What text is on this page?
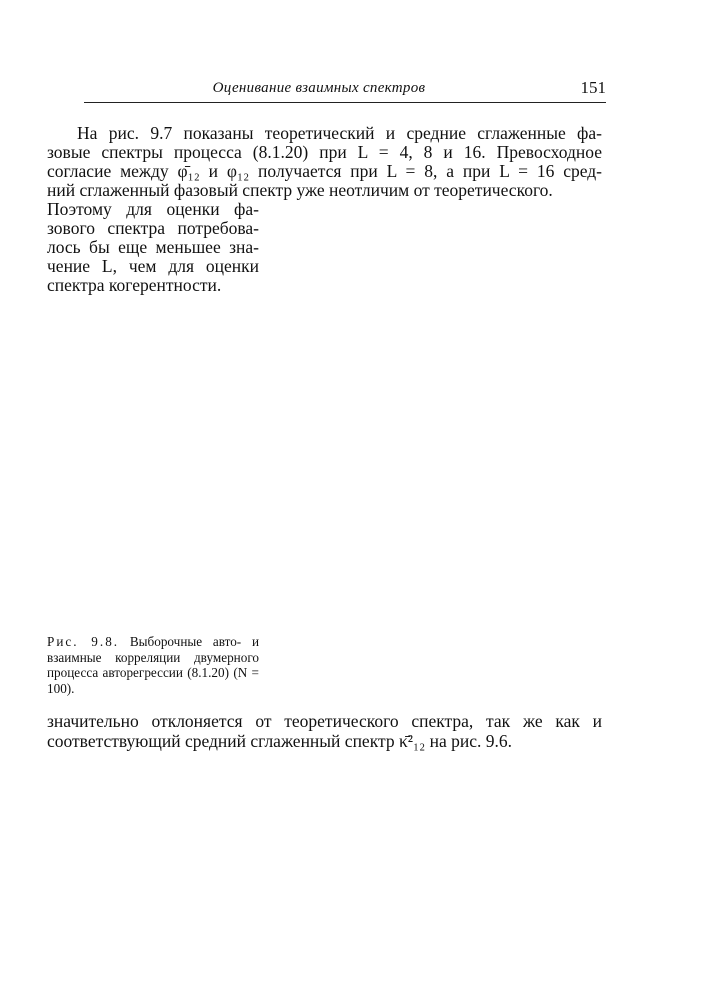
Оценивание взаимных спектров	151
На рис. 9.7 показаны теоретический и средние сглаженные фа-
зовые спектры процесса (8.1.20) при L = 4, 8 и 16. Превосходное
согласие между φ̄₁₂ и φ₁₂ получается при L = 8, а при L = 16 сред-
ний сглаженный фазовый спектр уже неотличим от теоретического.
Поэтому для оценки фа-
зового спектра потребова-
лось бы еще меньшее зна-
чение L, чем для оценки
спектра когерентности.
Рис. 9.8. Выборочные авто- и взаимные корреляции двумерного процесса авторегрессии (8.1.20) (N = 100).
значительно отклоняется от теоретического спектра, так же как и
соответствующий средний сглаженный спектр κ̄²₁₂ на рис. 9.6.
